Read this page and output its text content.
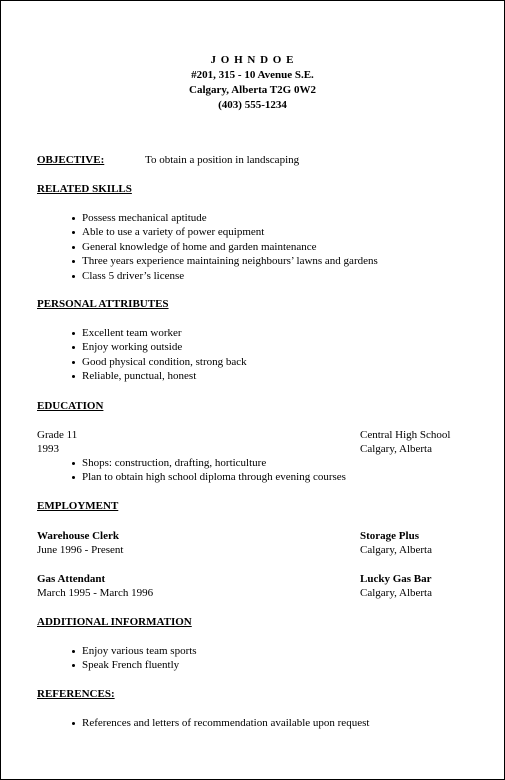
J O H N D O E
#201, 315 - 10 Avenue S.E.
Calgary, Alberta T2G 0W2
(403) 555-1234
OBJECTIVE:	To obtain a position in landscaping
RELATED SKILLS
Possess mechanical aptitude
Able to use a variety of power equipment
General knowledge of home and garden maintenance
Three years experience maintaining neighbours’ lawns and gardens
Class 5 driver’s license
PERSONAL ATTRIBUTES
Excellent team worker
Enjoy working outside
Good physical condition, strong back
Reliable, punctual, honest
EDUCATION
Grade 11	Central High School
1993	Calgary, Alberta
Shops: construction, drafting, horticulture
Plan to obtain high school diploma through evening courses
EMPLOYMENT
Warehouse Clerk	Storage Plus
June 1996 - Present	Calgary, Alberta
Gas Attendant	Lucky Gas Bar
March 1995 - March 1996	Calgary, Alberta
ADDITIONAL INFORMATION
Enjoy various team sports
Speak French fluently
REFERENCES:
References and letters of recommendation available upon request
